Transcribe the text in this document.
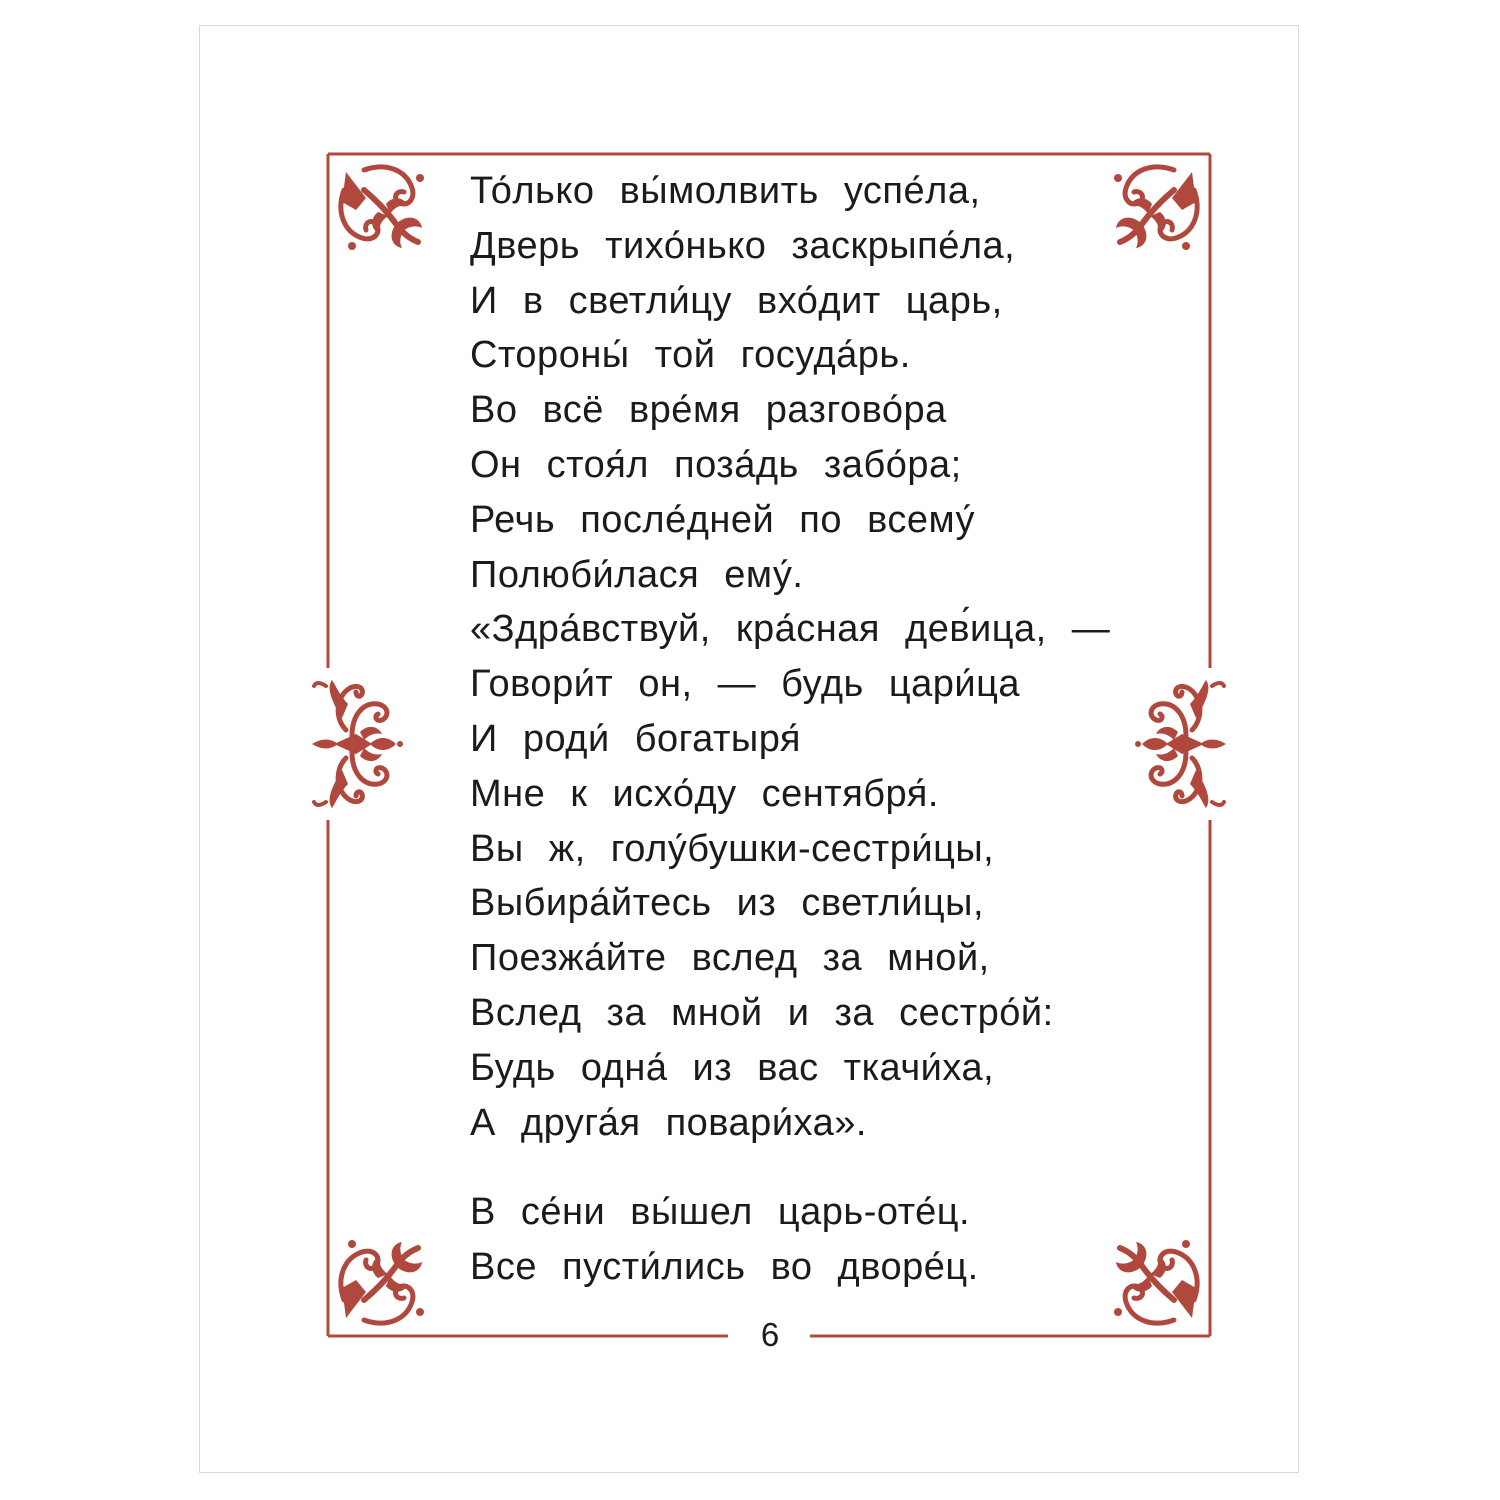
То́лько вы́молвить успе́ла,
Дверь тихо́нько заскрыпе́ла,
И в светли́цу вхо́дит царь,
Стороны́ той госуда́рь.
Во всё вре́мя разгово́ра
Он стоя́л поза́дь забо́ра;
Речь после́дней по всему́
Полюби́лася ему́.
«Здра́вствуй, кра́сная дев́ица, —
Говори́т он, — будь цари́ца
И роди́ богатыря́
Мне к исхо́ду сентября́.
Вы ж, голу́бушки-сестри́цы,
Выбира́йтесь из светли́цы,
Поезжа́йте вслед за мной,
Вслед за мной и за сестро́й:
Будь одна́ из вас ткачи́ха,
А друга́я повари́ха».
В се́ни вы́шел царь-оте́ц.
Все пусти́лись во дворе́ц.
6
